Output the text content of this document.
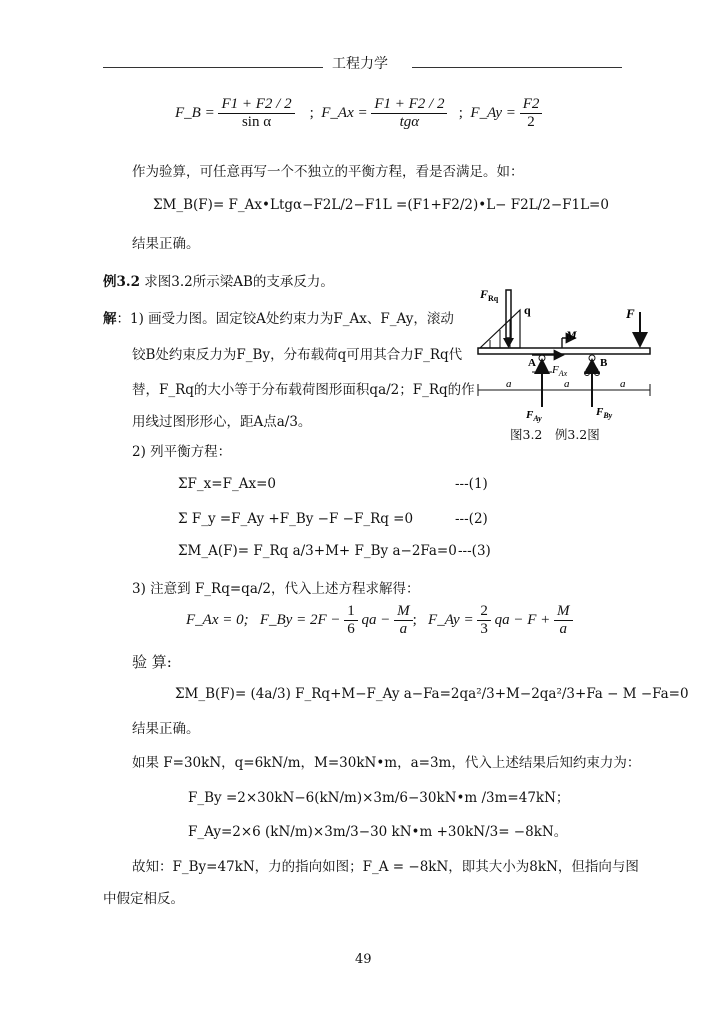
工程力学
F_B = $\frac{F1 + F2 / 2}{\text{sin α}}$ ; F_Ax = $\frac{F1 + F2 / 2}{\text{tgα}}$ ; F_Ay = $\frac{F2}{2}$
作为验算，可任意再写一个不独立的平衡方程，看是否满足。如：
ΣM_B(F)= F_Ax•Ltgα−F2L/2−F1L =(F1+F2/2)•L− F2L/2−F1L=0
结果正确。
例3.2 求图3.2所示梁AB的支承反力。
解：1) 画受力图。固定铰A处约束力为F_Ax、F_Ay，滚动
铰B处约束反力为F_By，分布载荷q可用其合力F_Rq代
替，F_Rq的大小等于分布载荷图形面积qa/2；F_Rq的作
用线过图形形心，距A点a/3。
$F_{Rq}$
q	F
M
A	B
$F_{Ax}$
a	a	a
$F_{Ay}$
$F_{By}$
图3.2　例3.2图
2) 列平衡方程：
ΣF_x=F_Ax=0	---(1)
Σ F_y =F_Ay +F_By −F −F_Rq =0	---(2)
ΣM_A(F)= F_Rq a/3+M+ F_By a−2Fa=0 ---(3)
3) 注意到 F_Rq=qa/2，代入上述方程求解得：
F_Ax = 0; F_By = $2F - \frac{1}{6}$ qa − $\frac{M}{a}$ ; F_Ay = $\frac{2}{3}$ qa − $F + \frac{M}{a}$
验 算:
ΣM_B(F)= (4a/3) F_Rq+M−F_Ay a−Fa=2qa²/3+M−2qa²/3+Fa − M −Fa=0
结果正确。
如果 F=30kN，q=6kN/m，M=30kN•m，a=3m，代入上述结果后知约束力为：
F_By =2×30kN−6(kN/m)×3m/6−30kN•m /3m=47kN；
F_Ay=2×6 (kN/m)×3m/3−30 kN•m +30kN/3= −8kN。
故知：F_By=47kN，力的指向如图；F_A = −8kN，即其大小为8kN，但指向与图
中假定相反。
49
